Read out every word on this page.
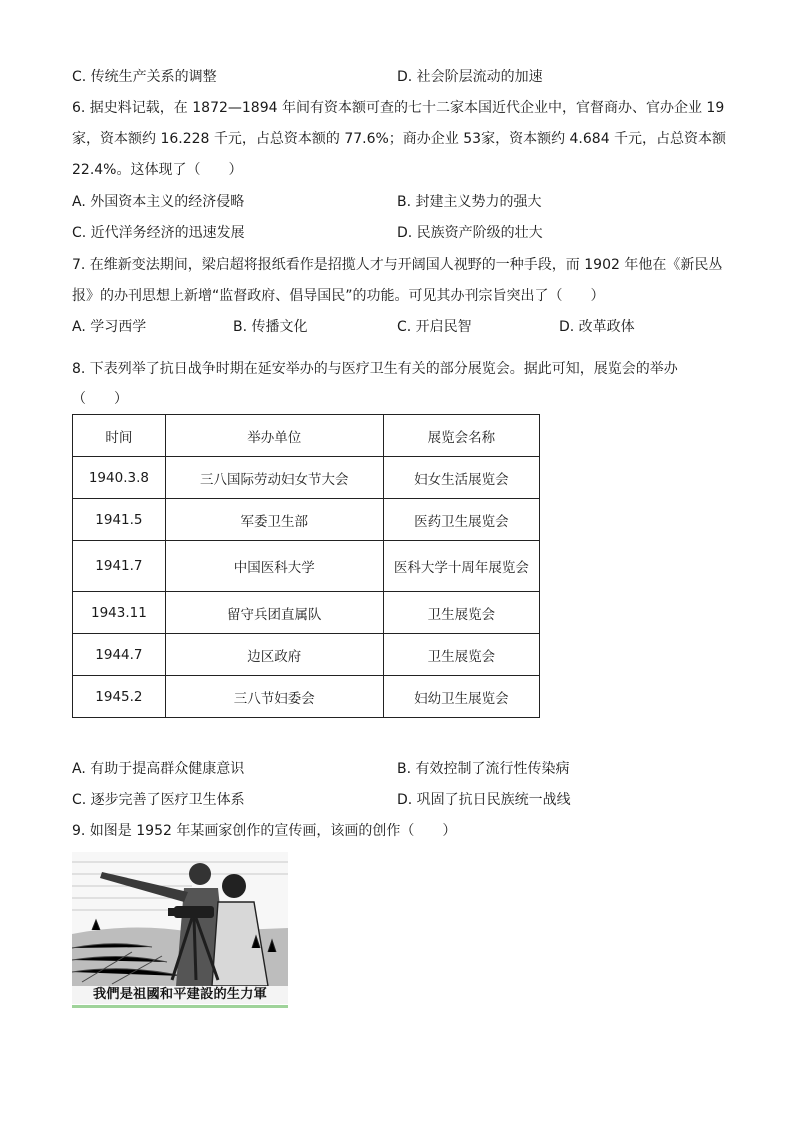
C. 传统生产关系的调整	D. 社会阶层流动的加速
6. 据史料记载，在 1872—1894 年间有资本额可查的七十二家本国近代企业中，官督商办、官办企业 19
家，资本额约 16.228 千元，占总资本额的 77.6%；商办企业 53家，资本额约 4.684 千元，占总资本额
22.4%。这体现了（　　）
A. 外国资本主义的经济侵略	B. 封建主义势力的强大
C. 近代洋务经济的迅速发展	D. 民族资产阶级的壮大
7. 在维新变法期间，梁启超将报纸看作是招揽人才与开阔国人视野的一种手段，而 1902 年他在《新民丛
报》的办刊思想上新增“监督政府、倡导国民”的功能。可见其办刊宗旨突出了（　　）
A. 学习西学	B. 传播文化	C. 开启民智	D. 改革政体
8. 下表列举了抗日战争时期在延安举办的与医疗卫生有关的部分展览会。据此可知，展览会的举办
（　　）
时间	举办单位	展览会名称
1940.3.8	三八国际劳动妇女节大会	妇女生活展览会
1941.5	军委卫生部	医药卫生展览会
1941.7	中国医科大学	医科大学十周年展览会
1943.11	留守兵团直属队	卫生展览会
1944.7	边区政府	卫生展览会
1945.2	三八节妇委会	妇幼卫生展览会
A. 有助于提高群众健康意识	B. 有效控制了流行性传染病
C. 逐步完善了医疗卫生体系	D. 巩固了抗日民族统一战线
9. 如图是 1952 年某画家创作的宣传画，该画的创作（　　）
我們是祖國和平建設的生力軍
